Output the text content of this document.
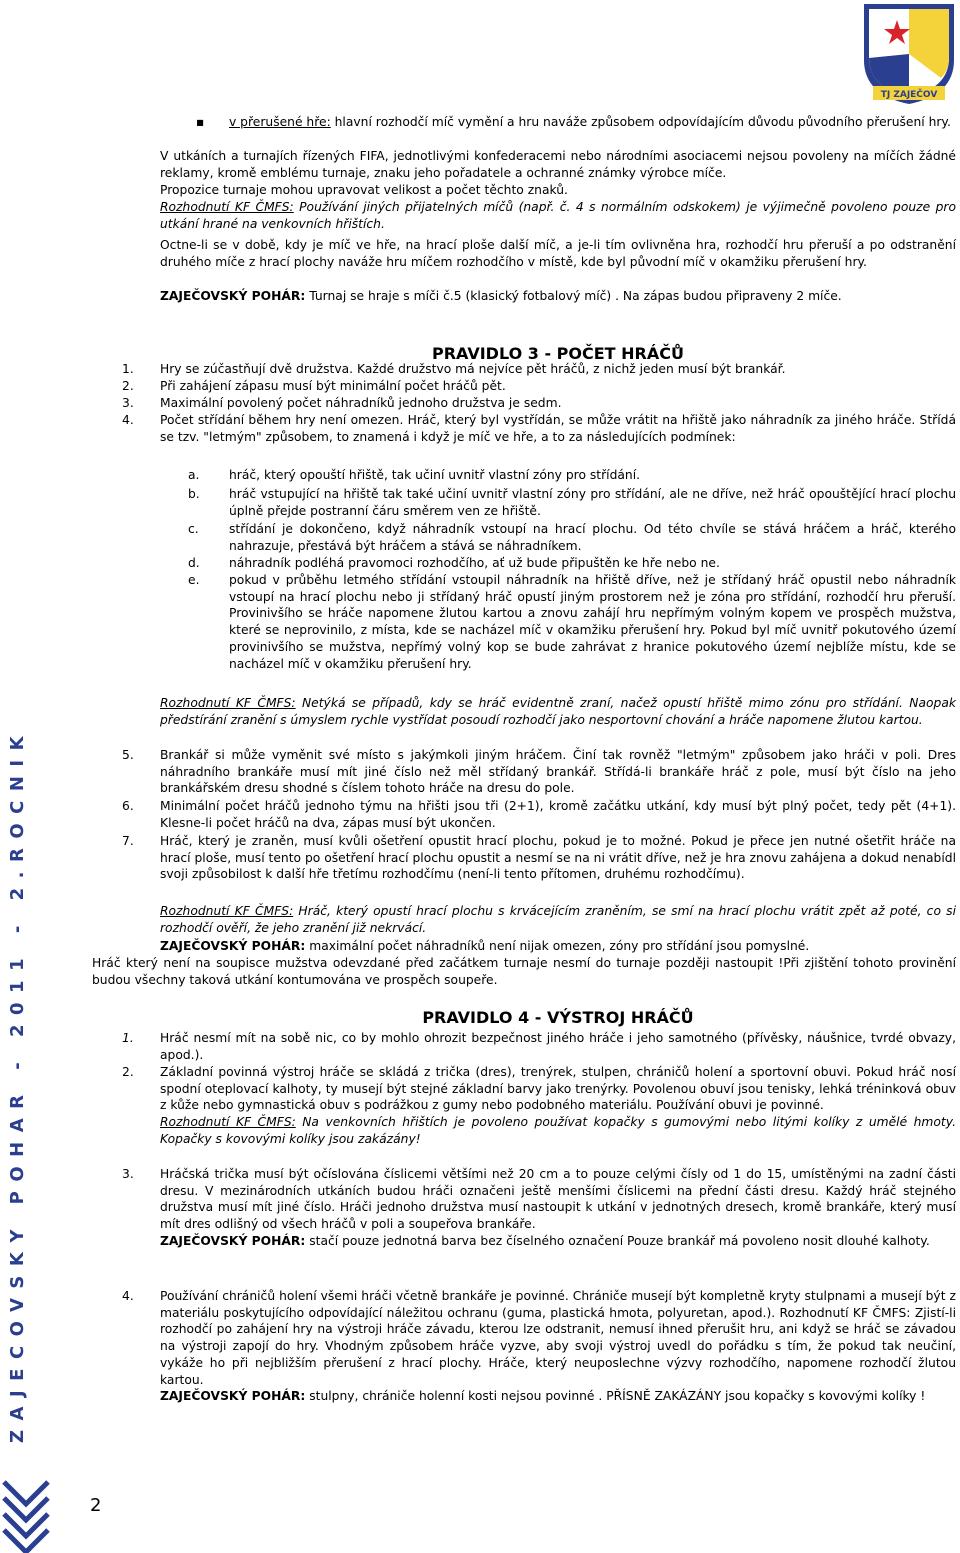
TJ ZAJEČOV
ZAJECOVSKY POHAR - 2011 - 2.ROCNIK
2
▪ v přerušené hře: hlavní rozhodčí míč vymění a hru naváže způsobem odpovídajícím důvodu původního přerušení hry.
V utkáních a turnajích řízených FIFA, jednotlivými konfederacemi nebo národními asociacemi nejsou povoleny na míčích žádné reklamy, kromě emblému turnaje, znaku jeho pořadatele a ochranné známky výrobce míče.
Propozice turnaje mohou upravovat velikost a počet těchto znaků.
Rozhodnutí KF ČMFS: Používání jiných přijatelných míčů (např. č. 4 s normálním odskokem) je výjimečně povoleno pouze pro utkání hrané na venkovních hřištích.
Octne-li se v době, kdy je míč ve hře, na hrací ploše další míč, a je-li tím ovlivněna hra, rozhodčí hru přeruší a po odstranění druhého míče z hrací plochy naváže hru míčem rozhodčího v místě, kde byl původní míč v okamžiku přerušení hry.
ZAJEČOVSKÝ POHÁR: Turnaj se hraje s míči č.5 (klasický fotbalový míč) . Na zápas budou připraveny 2 míče.
PRAVIDLO 3 - POČET HRÁČŮ
1.	Hry se zúčastňují dvě družstva. Každé družstvo má nejvíce pět hráčů, z nichž jeden musí být brankář.
2.	Při zahájení zápasu musí být minimální počet hráčů pět.
3.	Maximální povolený počet náhradníků jednoho družstva je sedm.
4.	Počet střídání během hry není omezen. Hráč, který byl vystřídán, se může vrátit na hřiště jako náhradník za jiného hráče. Střídá se tzv. "letmým" způsobem, to znamená i když je míč ve hře, a to za následujících podmínek:
a. hráč, který opouští hřiště, tak učiní uvnitř vlastní zóny pro střídání.
b. hráč vstupující na hřiště tak také učiní uvnitř vlastní zóny pro střídání, ale ne dříve, než hráč opouštějící hrací plochu úplně přejde postranní čáru směrem ven ze hřiště.
c. střídání je dokončeno, když náhradník vstoupí na hrací plochu. Od této chvíle se stává hráčem a hráč, kterého nahrazuje, přestává být hráčem a stává se náhradníkem.
d. náhradník podléhá pravomoci rozhodčího, ať už bude připuštěn ke hře nebo ne.
e. pokud v průběhu letmého střídání vstoupil náhradník na hřiště dříve, než je střídaný hráč opustil nebo náhradník vstoupí na hrací plochu nebo ji střídaný hráč opustí jiným prostorem než je zóna pro střídání, rozhodčí hru přeruší. Provinivšího se hráče napomene žlutou kartou a znovu zahájí hru nepřímým volným kopem ve prospěch mužstva, které se neprovinilo, z místa, kde se nacházel míč v okamžiku přerušení hry. Pokud byl míč uvnitř pokutového území provinivšího se mužstva, nepřímý volný kop se bude zahrávat z hranice pokutového území nejblíže místu, kde se nacházel míč v okamžiku přerušení hry.
Rozhodnutí KF ČMFS: Netýká se případů, kdy se hráč evidentně zraní, načež opustí hřiště mimo zónu pro střídání. Naopak předstírání zranění s úmyslem rychle vystřídat posoudí rozhodčí jako nesportovní chování a hráče napomene žlutou kartou.
5.	Brankář si může vyměnit své místo s jakýmkoli jiným hráčem. Činí tak rovněž "letmým" způsobem jako hráči v poli. Dres náhradního brankáře musí mít jiné číslo než měl střídaný brankář. Střídá-li brankáře hráč z pole, musí být číslo na jeho brankářském dresu shodné s číslem tohoto hráče na dresu do pole.
6.	Minimální počet hráčů jednoho týmu na hřišti jsou tři (2+1), kromě začátku utkání, kdy musí být plný počet, tedy pět (4+1). Klesne-li počet hráčů na dva, zápas musí být ukončen.
7.	Hráč, který je zraněn, musí kvůli ošetření opustit hrací plochu, pokud je to možné. Pokud je přece jen nutné ošetřit hráče na hrací ploše, musí tento po ošetření hrací plochu opustit a nesmí se na ni vrátit dříve, než je hra znovu zahájena a dokud nenabídl svoji způsobilost k další hře třetímu rozhodčímu (není-li tento přítomen, druhému rozhodčímu).
Rozhodnutí KF ČMFS: Hráč, který opustí hrací plochu s krvácejícím zraněním, se smí na hrací plochu vrátit zpět až poté, co si rozhodčí ověří, že jeho zranění již nekrvácí.
ZAJEČOVSKÝ POHÁR: maximální počet náhradníků není nijak omezen, zóny pro střídání jsou pomyslné.
Hráč který není na soupisce mužstva odevzdané před začátkem turnaje nesmí do turnaje později nastoupit !Při zjištění tohoto provinění budou všechny taková utkání kontumována ve prospěch soupeře.
PRAVIDLO 4 - VÝSTROJ HRÁČŮ
1.	Hráč nesmí mít na sobě nic, co by mohlo ohrozit bezpečnost jiného hráče i jeho samotného (přívěsky, náušnice, tvrdé obvazy, apod.).
2.	Základní povinná výstroj hráče se skládá z trička (dres), trenýrek, stulpen, chráničů holení a sportovní obuvi. Pokud hráč nosí spodní oteplovací kalhoty, ty musejí být stejné základní barvy jako trenýrky. Povolenou obuví jsou tenisky, lehká tréninková obuv z kůže nebo gymnastická obuv s podrážkou z gumy nebo podobného materiálu. Používání obuvi je povinné.
Rozhodnutí KF ČMFS: Na venkovních hřištích je povoleno používat kopačky s gumovými nebo litými kolíky z umělé hmoty. Kopačky s kovovými kolíky jsou zakázány!
3.	Hráčská trička musí být očíslována číslicemi většími než 20 cm a to pouze celými čísly od 1 do 15, umístěnými na zadní části dresu. V mezinárodních utkáních budou hráči označeni ještě menšími číslicemi na přední části dresu. Každý hráč stejného družstva musí mít jiné číslo. Hráči jednoho družstva musí nastoupit k utkání v jednotných dresech, kromě brankáře, který musí mít dres odlišný od všech hráčů v poli a soupeřova brankáře.
ZAJEČOVSKÝ POHÁR: stačí pouze jednotná barva bez číselného označení Pouze brankář má povoleno nosit dlouhé kalhoty.
4.	Používání chráničů holení všemi hráči včetně brankáře je povinné. Chrániče musejí být kompletně kryty stulpnami a musejí být z materiálu poskytujícího odpovídající náležitou ochranu (guma, plastická hmota, polyuretan, apod.). Rozhodnutí KF ČMFS: Zjistí-li rozhodčí po zahájení hry na výstroji hráče závadu, kterou lze odstranit, nemusí ihned přerušit hru, ani když se hráč se závadou na výstroji zapojí do hry. Vhodným způsobem hráče vyzve, aby svoji výstroj uvedl do pořádku s tím, že pokud tak neučiní, vykáže ho při nejbližším přerušení z hrací plochy. Hráče, který neuposlechne výzvy rozhodčího, napomene rozhodčí žlutou kartou.
ZAJEČOVSKÝ POHÁR: stulpny, chrániče holenní kosti nejsou povinné . PŘÍSNĚ ZAKÁZÁNY jsou kopačky s kovovými kolíky !
